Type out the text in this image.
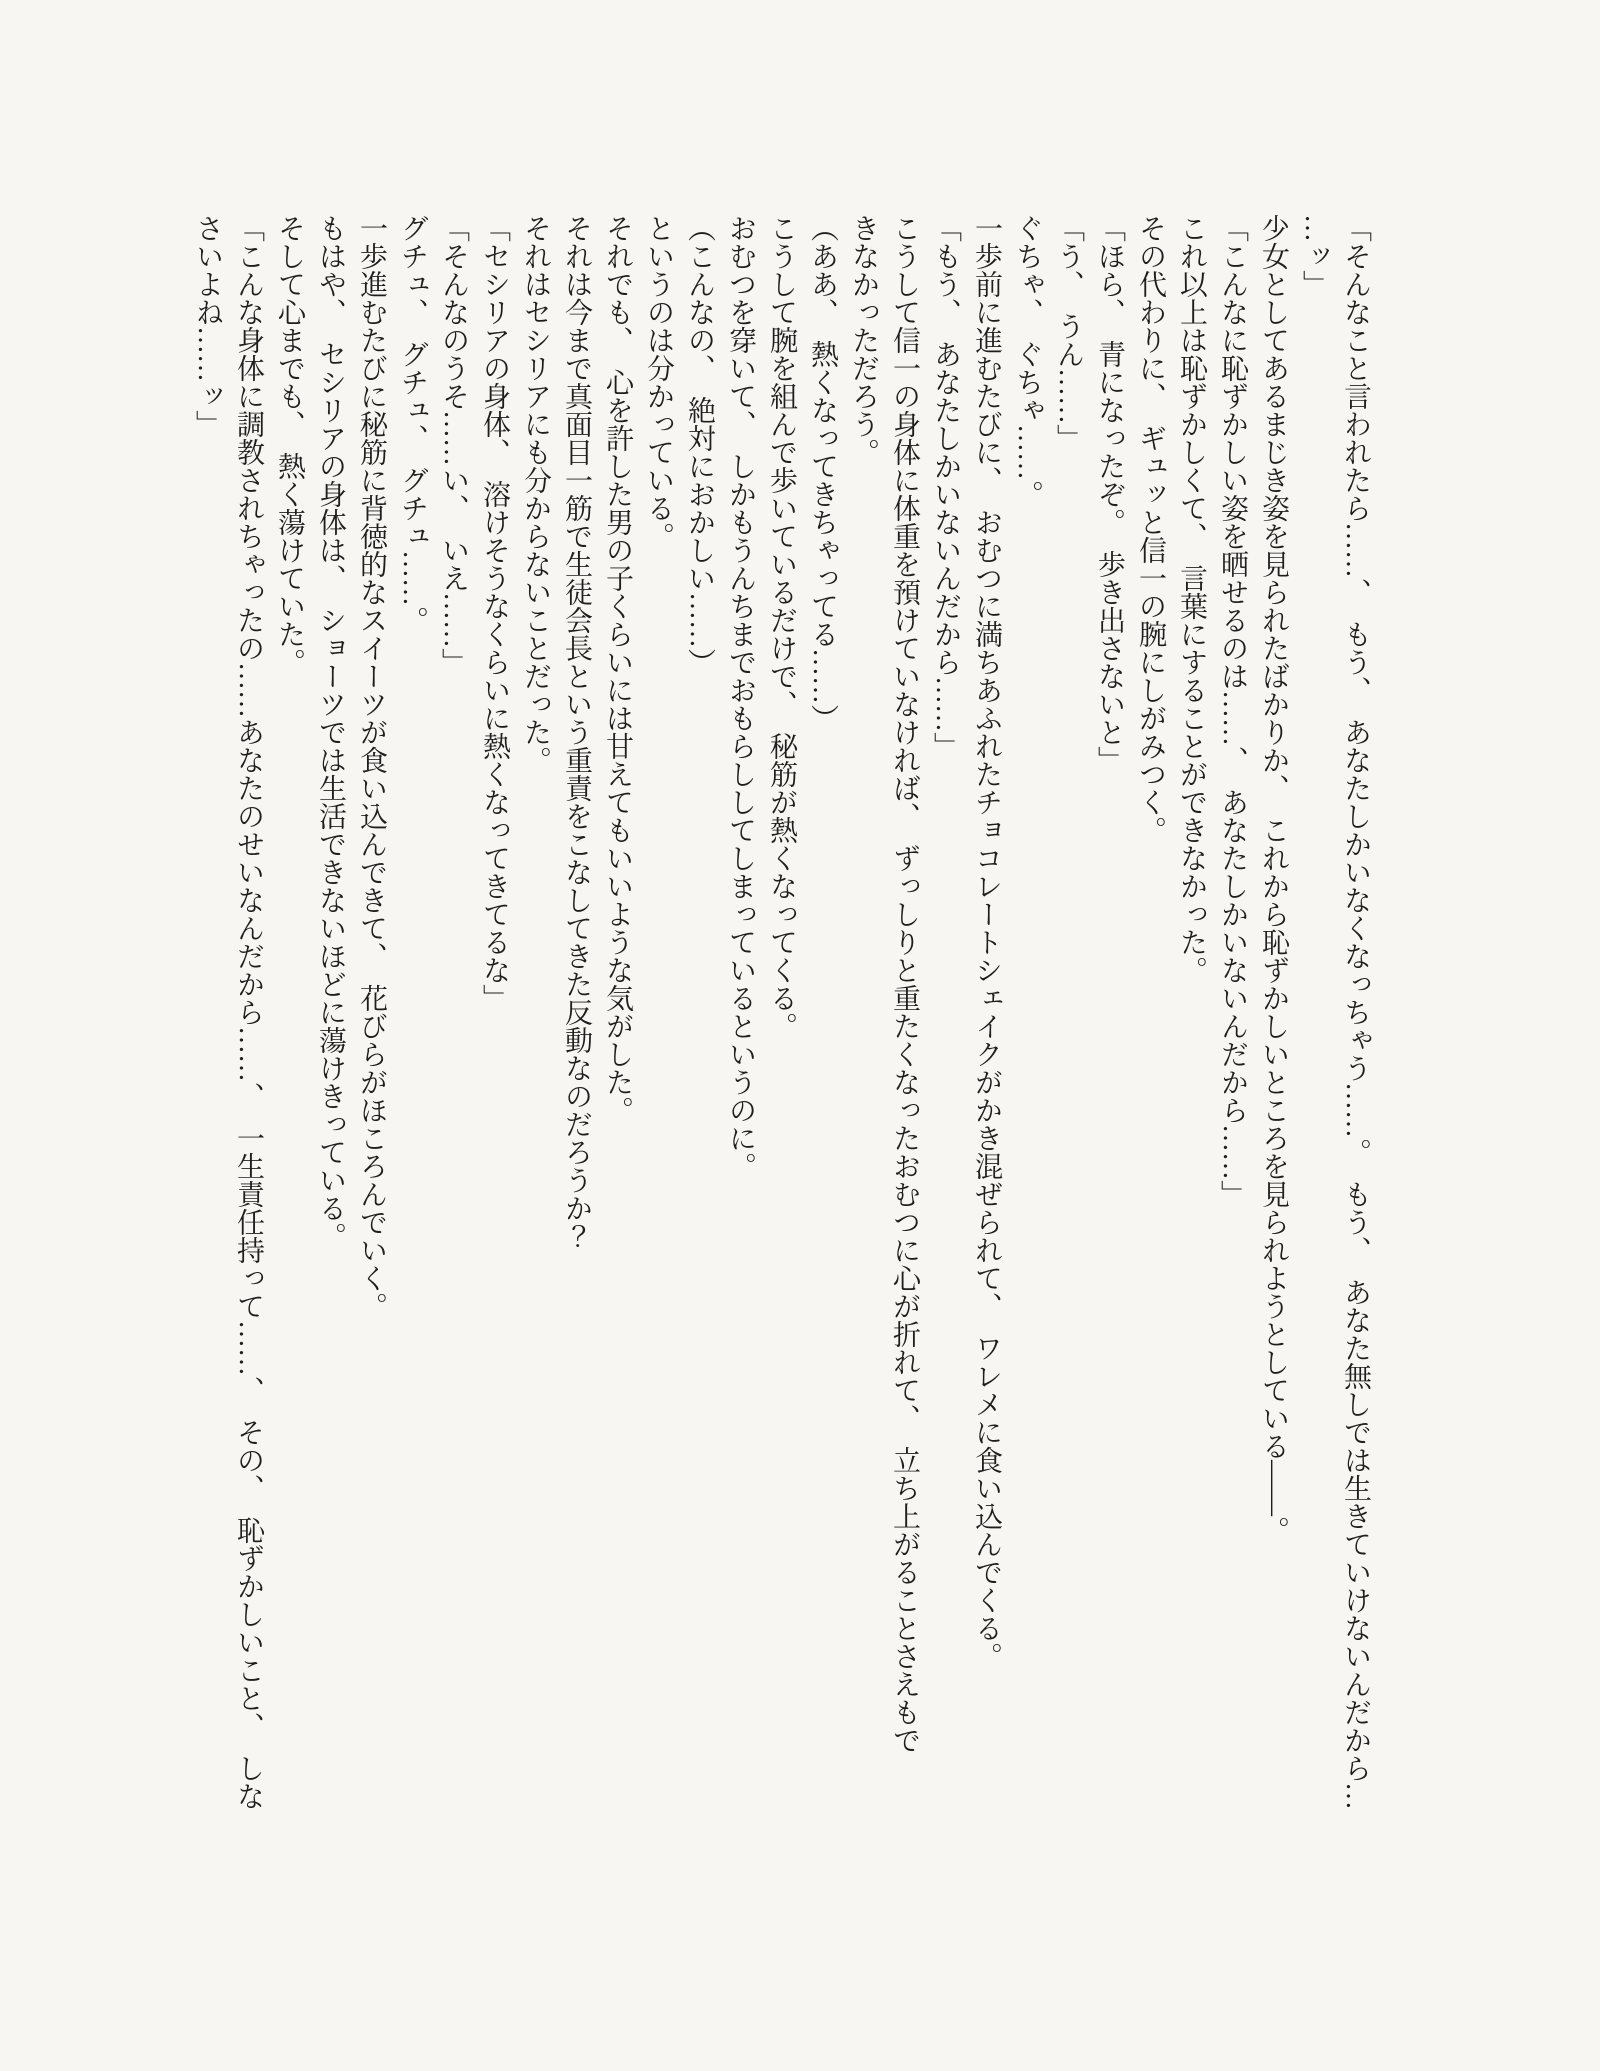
「そんなこと言われたら……、　もう、　あなたしかいなくなっちゃう……。　もう、　あなた無しでは生きていけないんだから…
…ッ」

少女としてあるまじき姿を見られたばかりか、　これから恥ずかしいところを見られようとしている――。

「こんなに恥ずかしい姿を晒せるのは……、　あなたしかいないんだから……」

これ以上は恥ずかしくて、　言葉にすることができなかった。

その代わりに、　ギュッと信一の腕にしがみつく。

「ほら、　青になったぞ。　歩き出さないと」

「う、　うん……」

ぐちゃ、　ぐちゃ……。

一歩前に進むたびに、　おむつに満ちあふれたチョコレートシェイクがかき混ぜられて、　ワレメに食い込んでくる。

「もう、　あなたしかいないんだから……」

こうして信一の身体に体重を預けていなければ、　ずっしりと重たくなったおむつに心が折れて、　立ち上がることさえもで
きなかっただろう。

（ああ、　熱くなってきちゃってる……）

こうして腕を組んで歩いているだけで、　秘筋が熱くなってくる。

おむつを穿いて、　しかもうんちまでおもらししてしまっているというのに。

（こんなの、　絶対におかしい……）

というのは分かっている。

それでも、　心を許した男の子くらいには甘えてもいいような気がした。

それは今まで真面目一筋で生徒会長という重責をこなしてきた反動なのだろうか？

それはセシリアにも分からないことだった。

「セシリアの身体、　溶けそうなくらいに熱くなってきてるな」

「そんなのうそ……い、　いえ……」

グチュ、　グチュ、　グチュ……。

一歩進むたびに秘筋に背徳的なスイーツが食い込んできて、　花びらがほころんでいく。

もはや、　セシリアの身体は、　ショーツでは生活できないほどに蕩けきっている。

そして心までも、　熱く蕩けていた。

「こんな身体に調教されちゃったの……あなたのせいなんだから……、　一生責任持って……、　その、　恥ずかしいこと、　しな
さいよね……ッ」
